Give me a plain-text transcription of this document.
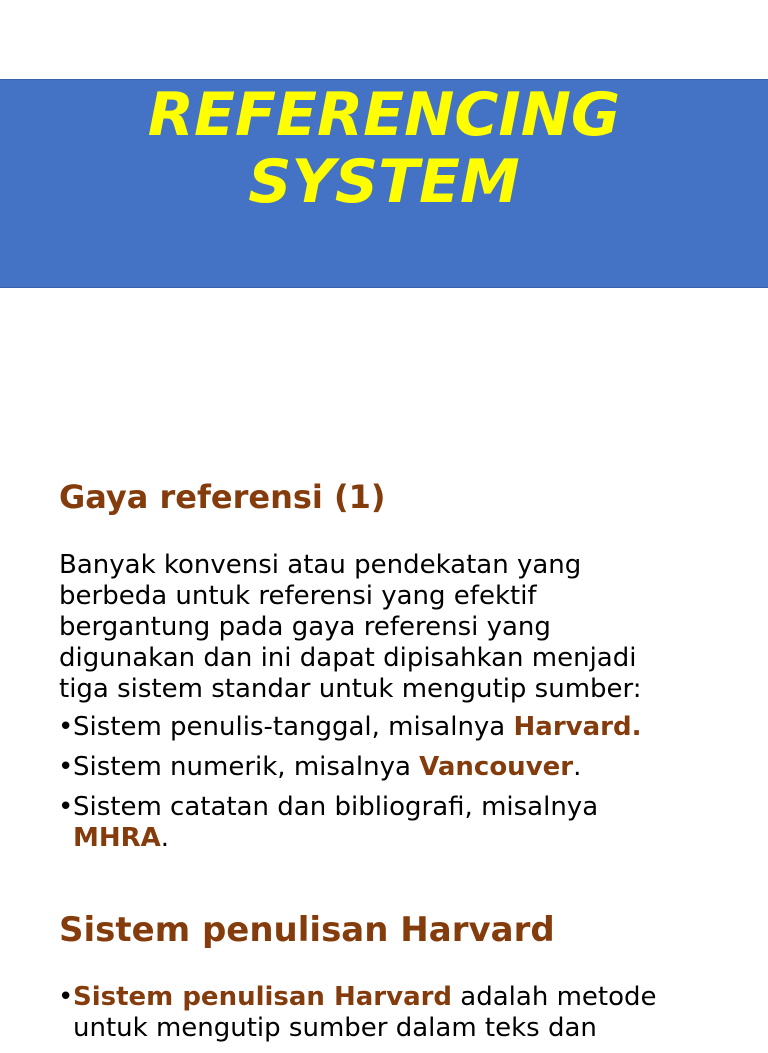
REFERENCING
SYSTEM
Gaya referensi (1)

Banyak konvensi atau pendekatan yang
berbeda untuk referensi yang efektif
bergantung pada gaya referensi yang
digunakan dan ini dapat dipisahkan menjadi
tiga sistem standar untuk mengutip sumber:

• Sistem penulis-tanggal, misalnya Harvard.
• Sistem numerik, misalnya Vancouver.
• Sistem catatan dan bibliografi, misalnya
MHRA.
Sistem penulisan Harvard
• Sistem penulisan Harvard adalah metode
untuk mengutip sumber dalam teks dan
